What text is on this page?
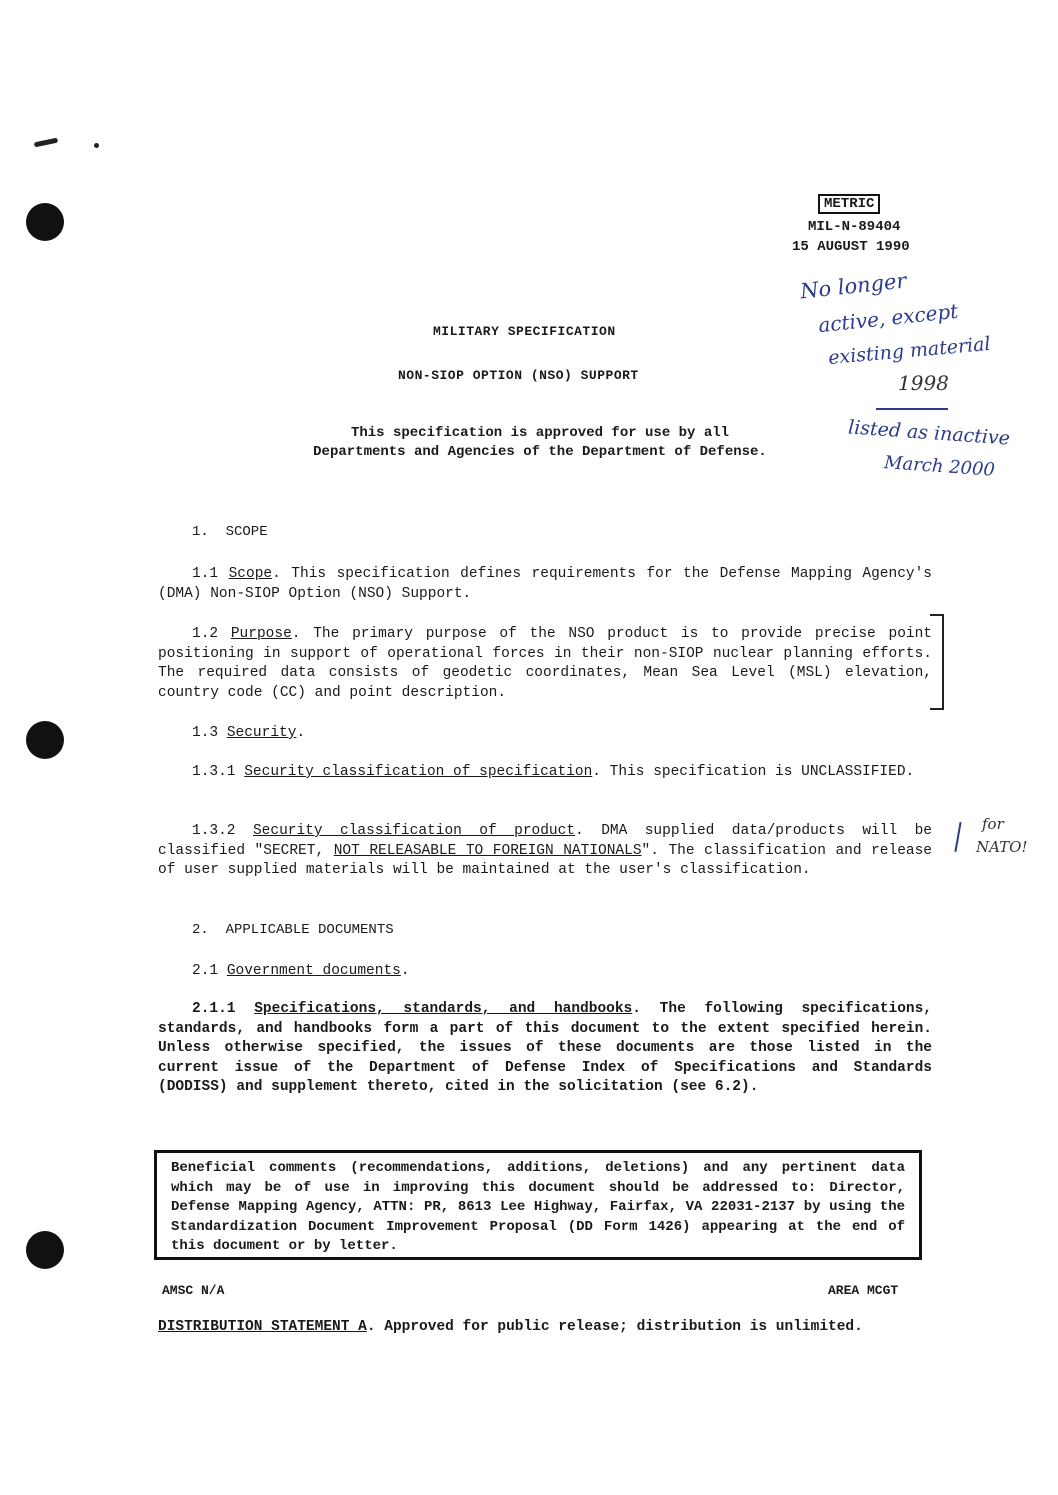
METRIC
MIL-N-89404
15 AUGUST 1990
No longer
active, except
existing material
1998
listed as inactive
March 2000
for
NATO!
MILITARY SPECIFICATION
NON-SIOP OPTION (NSO) SUPPORT
This specification is approved for use by all
Departments and Agencies of the Department of Defense.
1.  SCOPE
1.1 Scope. This specification defines requirements for the Defense Mapping Agency's (DMA) Non-SIOP Option (NSO) Support.
1.2 Purpose. The primary purpose of the NSO product is to provide precise point positioning in support of operational forces in their non-SIOP nuclear planning efforts. The required data consists of geodetic coordinates, Mean Sea Level (MSL) elevation, country code (CC) and point description.
1.3 Security.
1.3.1 Security classification of specification. This specification is UNCLASSIFIED.
1.3.2 Security classification of product. DMA supplied data/products will be classified "SECRET, NOT RELEASABLE TO FOREIGN NATIONALS". The classification and release of user supplied materials will be maintained at the user's classification.
2.  APPLICABLE DOCUMENTS
2.1 Government documents.
2.1.1 Specifications, standards, and handbooks. The following specifications, standards, and handbooks form a part of this document to the extent specified herein. Unless otherwise specified, the issues of these documents are those listed in the current issue of the Department of Defense Index of Specifications and Standards (DODISS) and supplement thereto, cited in the solicitation (see 6.2).
Beneficial comments (recommendations, additions, deletions) and any pertinent data which may be of use in improving this document should be addressed to: Director, Defense Mapping Agency, ATTN: PR, 8613 Lee Highway, Fairfax, VA 22031-2137 by using the Standardization Document Improvement Proposal (DD Form 1426) appearing at the end of this document or by letter.
AMSC N/A	AREA MCGT
DISTRIBUTION STATEMENT A. Approved for public release; distribution is unlimited.
